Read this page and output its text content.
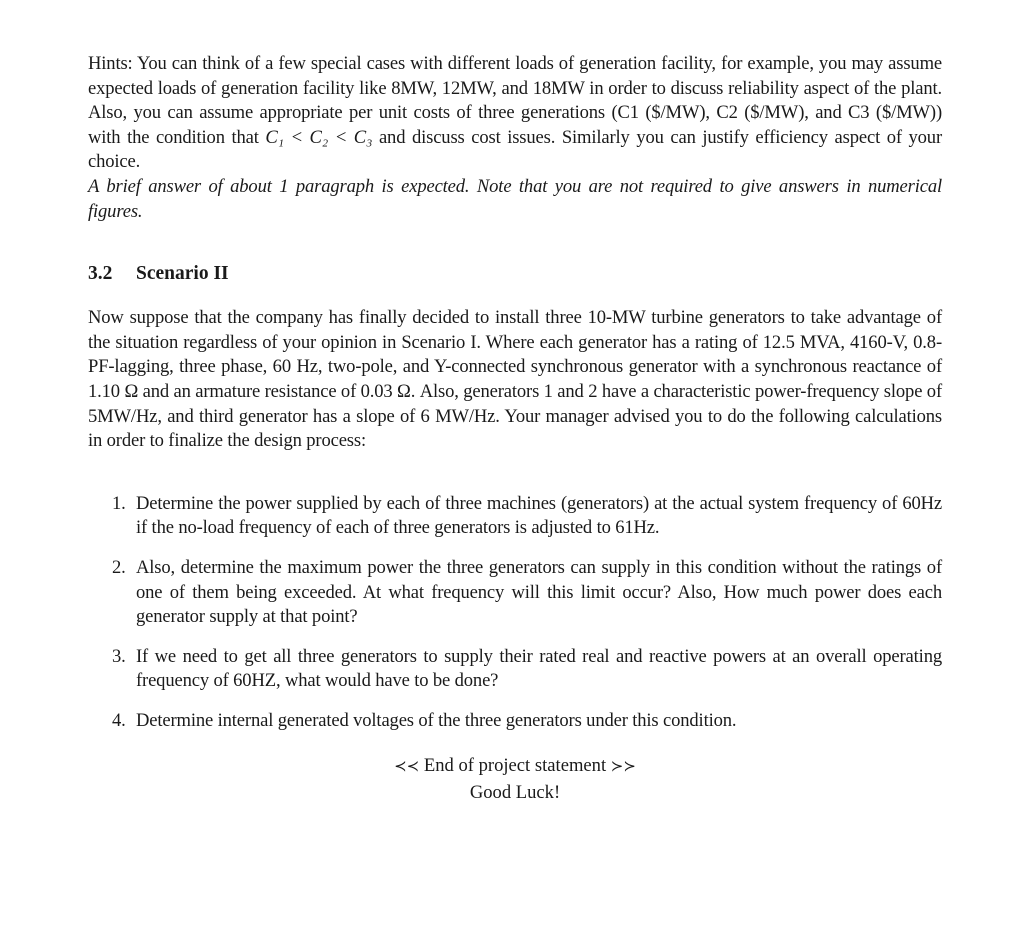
Hints: You can think of a few special cases with different loads of generation facility, for example, you may assume expected loads of generation facility like 8MW, 12MW, and 18MW in order to discuss reliability aspect of the plant. Also, you can assume appropriate per unit costs of three generations (C1 ($/MW), C2 ($/MW), and C3 ($/MW)) with the condition that C₁ < C₂ < C₃ and discuss cost issues. Similarly you can justify efficiency aspect of your choice.

A brief answer of about 1 paragraph is expected. Note that you are not required to give answers in numerical figures.

3.2 Scenario II

Now suppose that the company has finally decided to install three 10-MW turbine generators to take advantage of the situation regardless of your opinion in Scenario I. Where each generator has a rating of 12.5 MVA, 4160-V, 0.8-PF-lagging, three phase, 60 Hz, two-pole, and Y-connected synchronous generator with a synchronous reactance of 1.10 Ω and an armature resistance of 0.03 Ω. Also, generators 1 and 2 have a characteristic power-frequency slope of 5MW/Hz, and third generator has a slope of 6 MW/Hz. Your manager advised you to do the following calculations in order to finalize the design process:

1. Determine the power supplied by each of three machines (generators) at the actual system frequency of 60Hz if the no-load frequency of each of three generators is adjusted to 61Hz.
2. Also, determine the maximum power the three generators can supply in this condition without the ratings of one of them being exceeded. At what frequency will this limit occur? Also, How much power does each generator supply at that point?
3. If we need to get all three generators to supply their rated real and reactive powers at an overall operating frequency of 60HZ, what would have to be done?
4. Determine internal generated voltages of the three generators under this condition.
≺≺ End of project statement ≻≻
Good Luck!
